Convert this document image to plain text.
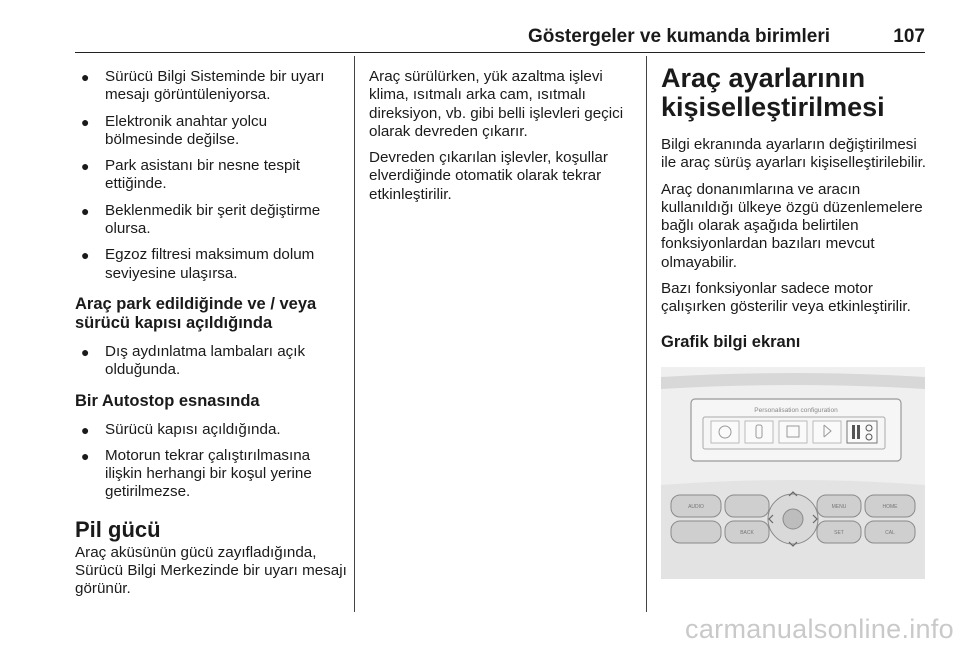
Göstergeler ve kumanda birimleri	107
● Sürücü Bilgi Sisteminde bir uyarı mesajı görüntüleniyorsa.
● Elektronik anahtar yolcu bölmesinde değilse.
● Park asistanı bir nesne tespit ettiğinde.
● Beklenmedik bir şerit değiştirme olursa.
● Egzoz filtresi maksimum dolum seviyesine ulaşırsa.
Araç park edildiğinde ve / veya sürücü kapısı açıldığında
● Dış aydınlatma lambaları açık olduğunda.
Bir Autostop esnasında
● Sürücü kapısı açıldığında.
● Motorun tekrar çalıştırılmasına ilişkin herhangi bir koşul yerine getirilmezse.
Pil gücü

Araç aküsünün gücü zayıfladığında, Sürücü Bilgi Merkezinde bir uyarı mesajı görünür.

Araç sürülürken, yük azaltma işlevi klima, ısıtmalı arka cam, ısıtmalı direksiyon, vb. gibi belli işlevleri geçici olarak devreden çıkarır.

Devreden çıkarılan işlevler, koşullar elverdiğinde otomatik olarak tekrar etkinleştirilir.

Araç ayarlarının kişiselleştirilmesi

Bilgi ekranında ayarların değiştirilmesi ile araç sürüş ayarları kişiselleştirilebilir.

Araç donanımlarına ve aracın kullanıldığı ülkeye özgü düzenlemelere bağlı olarak aşağıda belirtilen fonksiyonlardan bazıları mevcut olmayabilir.

Bazı fonksiyonlar sadece motor çalışırken gösterilir veya etkinleştirilir.

Grafik bilgi ekranı
Personalisation configuration
AUDIO	MENU	HOME
BACK	SET	CAL
carmanualsonline.info
